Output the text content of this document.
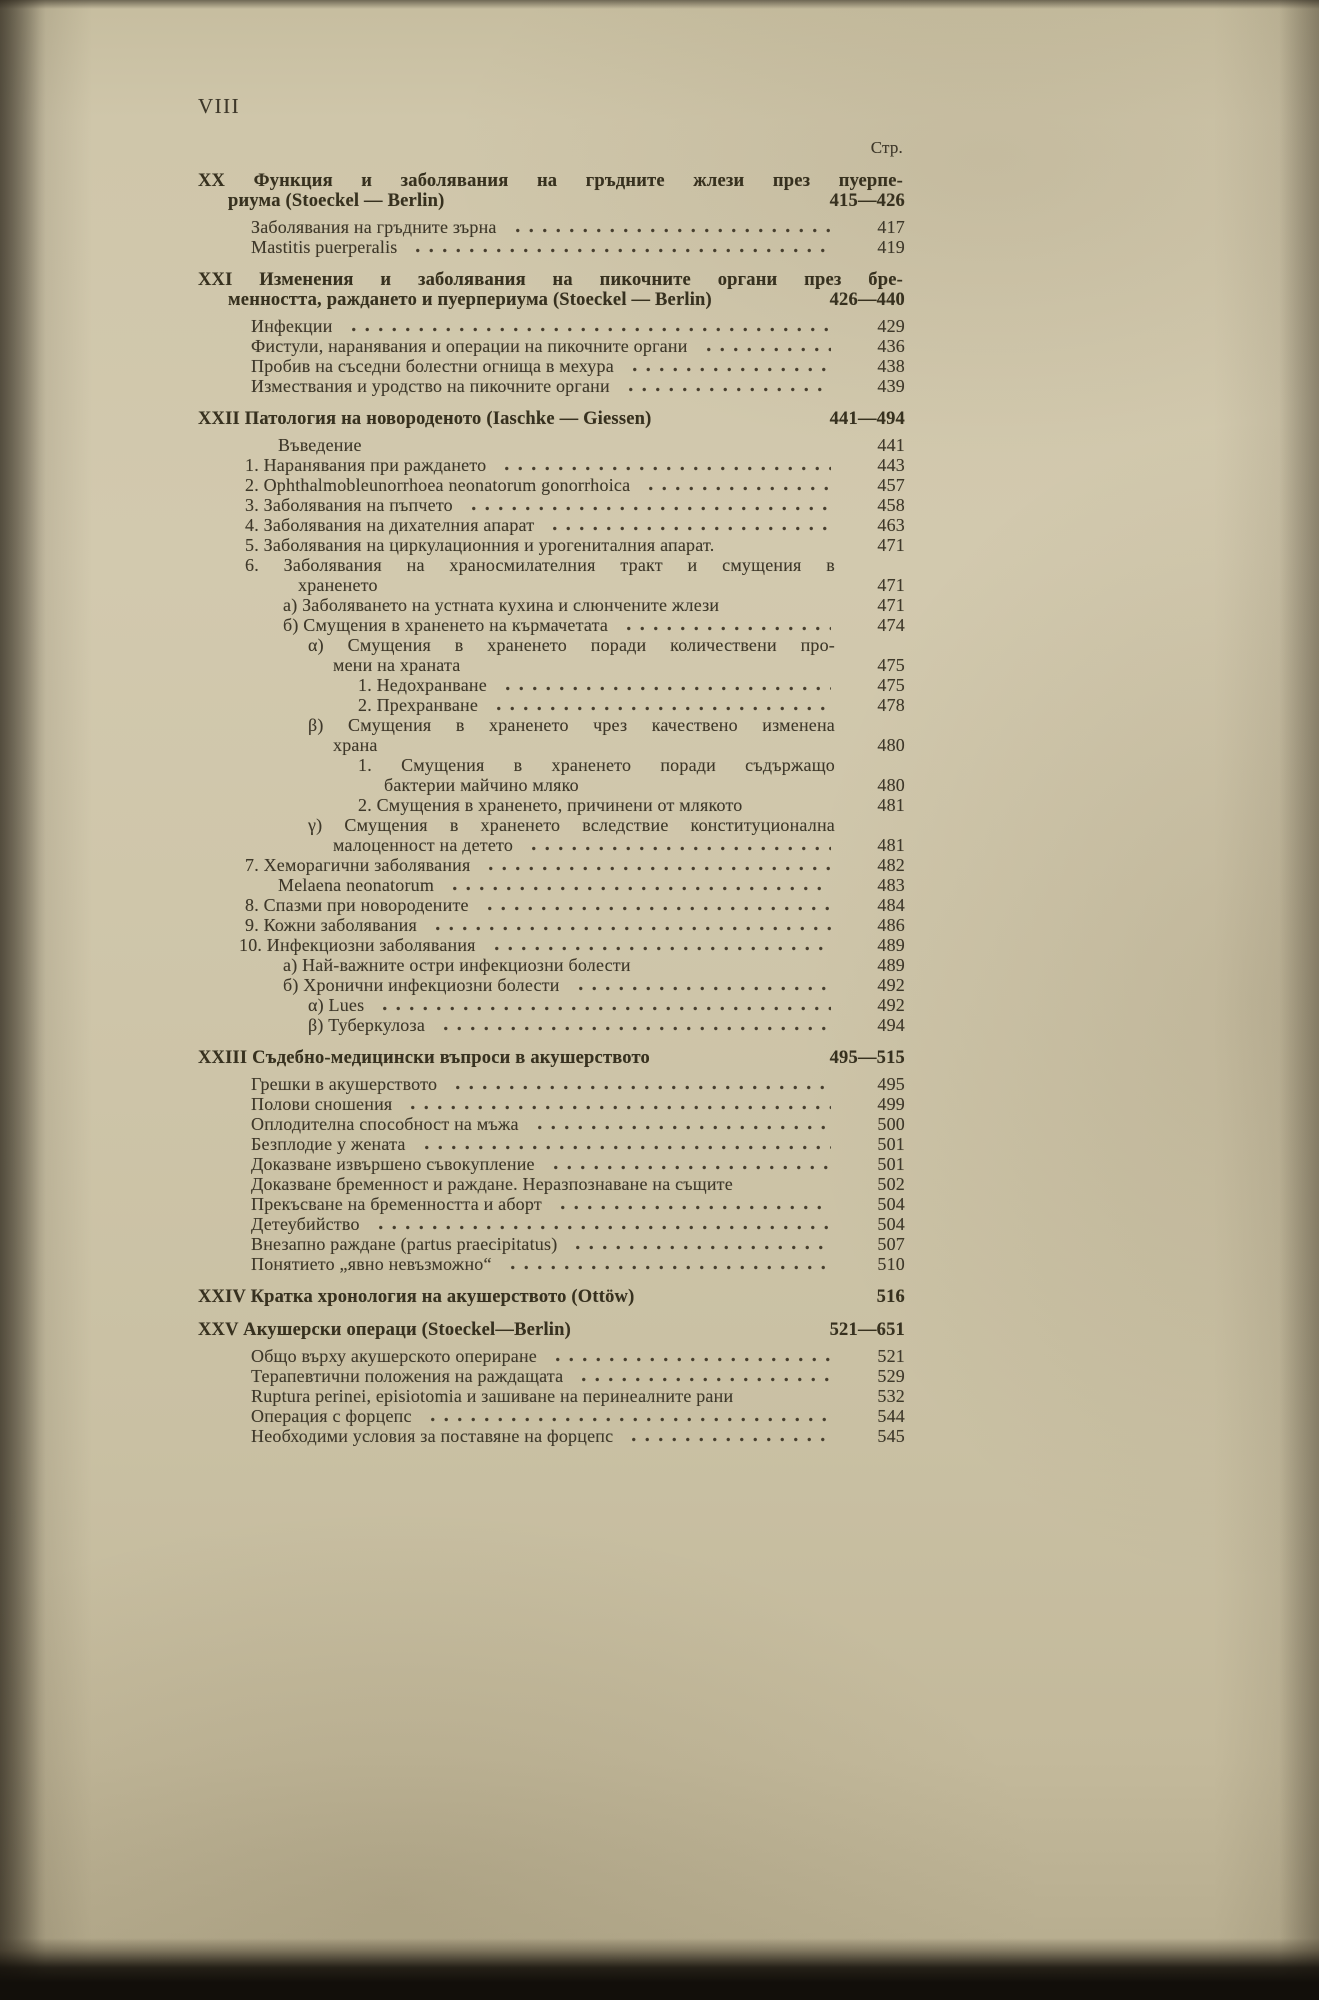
VIII
Стр.
XX Функция и заболявания на гръдните жлези през пуерпе-
риума (Stoeckel — Berlin)	415—426
Заболявания на гръдните зърна	417
Mastitis puerperalis	419
XXI Изменения и заболявания на пикочните органи през бре-
менността, раждането и пуерпериума (Stoeckel — Berlin)	426—440
Инфекции	429
Фистули, наранявания и операции на пикочните органи	436
Пробив на съседни болестни огнища в мехура	438
Измествания и уродство на пикочните органи	439
XXII Патология на новороденото (Iaschke — Giessen)	441—494
Въведение	441
1. Наранявания при раждането	443
2. Ophthalmobleunorrhoea neonatorum gonorrhoica	457
3. Заболявания на пъпчето	458
4. Заболявания на дихателния апарат	463
5. Заболявания на циркулационния и урогениталния апарат.	471
6. Заболявания на храносмилателния тракт и смущения в
храненето	471
а) Заболяването на устната кухина и слюнчените жлези	471
б) Смущения в храненето на кърмачетата	474
α) Смущения в храненето поради количествени про-
мени на храната	475
1. Недохранване	475
2. Прехранване	478
β) Смущения в храненето чрез качествено изменена
храна	480
1. Смущения в храненето поради съдържащо
бактерии майчино мляко	480
2. Смущения в храненето, причинени от млякото	481
γ) Смущения в храненето вследствие конституционална
малоценност на детето	481
7. Хеморагични заболявания	482
Melaena neonatorum	483
8. Спазми при новородените	484
9. Кожни заболявания	486
10. Инфекциозни заболявания	489
а) Най-важните остри инфекциозни болести	489
б) Хронични инфекциозни болести	492
α) Lues	492
β) Туберкулоза	494
XXIII Съдебно-медицински въпроси в акушерството	495—515
Грешки в акушерството	495
Полови сношения	499
Оплодителна способност на мъжа	500
Безплодие у жената	501
Доказване извършено съвокупление	501
Доказване бременност и раждане. Неразпознаване на същите	502
Прекъсване на бременността и аборт	504
Детеубийство	504
Внезапно раждане (partus praecipitatus)	507
Понятието „явно невъзможно“	510
XXIV Кратка хронология на акушерството (Ottöw)	516
XXV Акушерски операци (Stoeckel—Berlin)	521—651
Общо върху акушерското опериране	521
Терапевтични положения на раждащата	529
Ruptura perinei, episiotomia и зашиване на перинеалните рани	532
Операция с форцепс	544
Необходими условия за поставяне на форцепс	545
